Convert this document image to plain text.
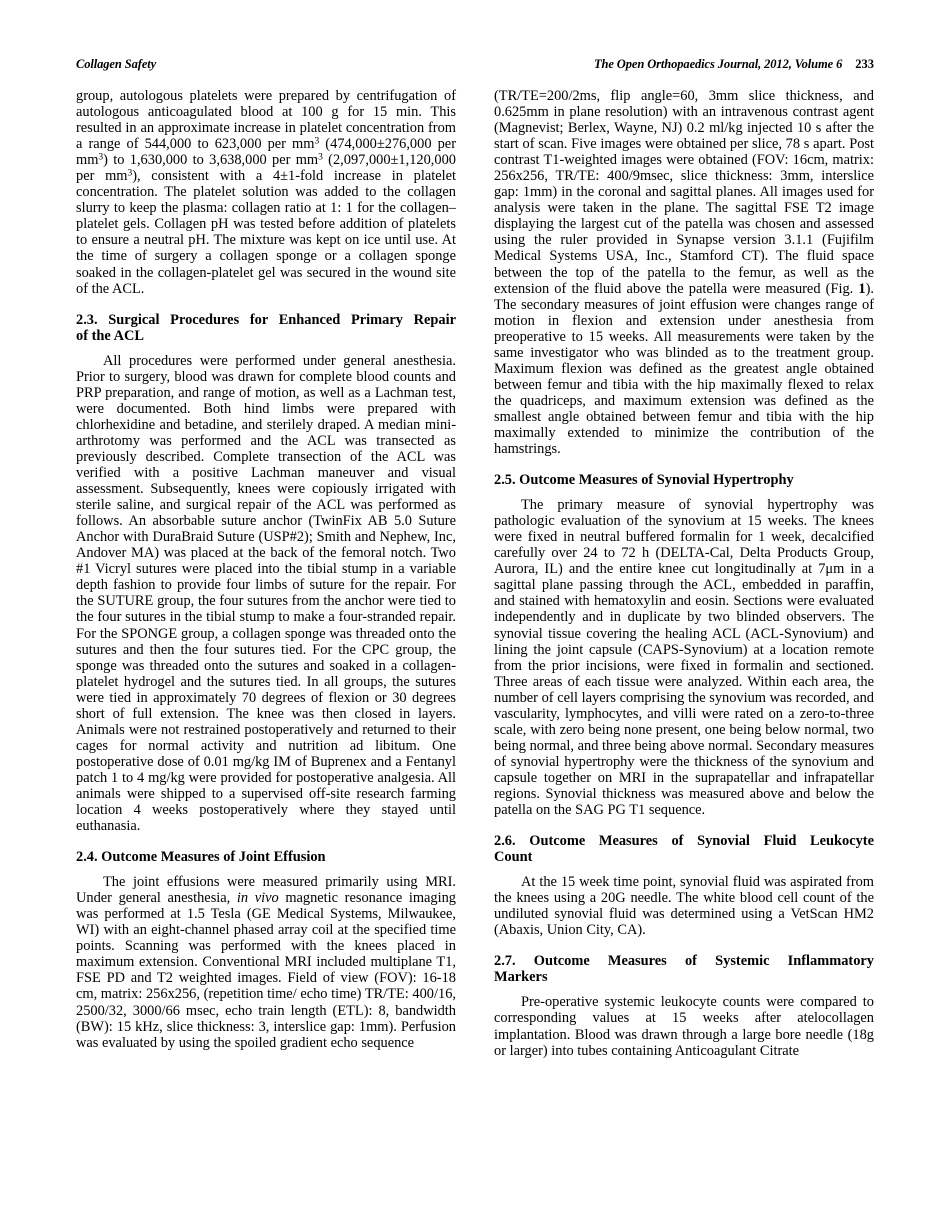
Collagen Safety	The Open Orthopaedics Journal, 2012, Volume 6 233

group, autologous platelets were prepared by centrifugation of autologous anticoagulated blood at 100 g for 15 min. This resulted in an approximate increase in platelet concentration from a range of 544,000 to 623,000 per $mm^3$ (474,000±276,000 per $mm^3$) to 1,630,000 to 3,638,000 per $mm^3$ (2,097,000±1,120,000 per $mm^3$), consistent with a 4±1-fold increase in platelet concentration. The platelet solution was added to the collagen slurry to keep the plasma: collagen ratio at 1: 1 for the collagen–platelet gels. Collagen pH was tested before addition of platelets to ensure a neutral pH. The mixture was kept on ice until use. At the time of surgery a collagen sponge or a collagen sponge soaked in the collagen-platelet gel was secured in the wound site of the ACL.

2.3. Surgical Procedures for Enhanced Primary Repair
of the ACL

All procedures were performed under general anesthesia. Prior to surgery, blood was drawn for complete blood counts and PRP preparation, and range of motion, as well as a Lachman test, were documented. Both hind limbs were prepared with chlorhexidine and betadine, and sterilely draped. A median mini-arthrotomy was performed and the ACL was transected as previously described. Complete transection of the ACL was verified with a positive Lachman maneuver and visual assessment. Subsequently, knees were copiously irrigated with sterile saline, and surgical repair of the ACL was performed as follows. An absorbable suture anchor (TwinFix AB 5.0 Suture Anchor with DuraBraid Suture (USP#2); Smith and Nephew, Inc, Andover MA) was placed at the back of the femoral notch. Two #1 Vicryl sutures were placed into the tibial stump in a variable depth fashion to provide four limbs of suture for the repair. For the SUTURE group, the four sutures from the anchor were tied to the four sutures in the tibial stump to make a four-stranded repair. For the SPONGE group, a collagen sponge was threaded onto the sutures and then the four sutures tied. For the CPC group, the sponge was threaded onto the sutures and soaked in a collagen-platelet hydrogel and the sutures tied. In all groups, the sutures were tied in approximately 70 degrees of flexion or 30 degrees short of full extension. The knee was then closed in layers. Animals were not restrained postoperatively and returned to their cages for normal activity and nutrition ad libitum. One postoperative dose of 0.01 mg/kg IM of Buprenex and a Fentanyl patch 1 to 4 mg/kg were provided for postoperative analgesia. All animals were shipped to a supervised off-site research farming location 4 weeks postoperatively where they stayed until euthanasia.

2.4. Outcome Measures of Joint Effusion

The joint effusions were measured primarily using MRI. Under general anesthesia, in vivo magnetic resonance imaging was performed at 1.5 Tesla (GE Medical Systems, Milwaukee, WI) with an eight-channel phased array coil at the specified time points. Scanning was performed with the knees placed in maximum extension. Conventional MRI included multiplane T1, FSE PD and T2 weighted images. Field of view (FOV): 16-18 cm, matrix: 256x256, (repetition time/ echo time) TR/TE: 400/16, 2500/32, 3000/66 msec, echo train length (ETL): 8, bandwidth (BW): 15 kHz, slice thickness: 3, interslice gap: 1mm). Perfusion was evaluated by using the spoiled gradient echo sequence

(TR/TE=200/2ms, flip angle=60, 3mm slice thickness, and 0.625mm in plane resolution) with an intravenous contrast agent (Magnevist; Berlex, Wayne, NJ) 0.2 ml/kg injected 10 s after the start of scan. Five images were obtained per slice, 78 s apart. Post contrast T1-weighted images were obtained (FOV: 16cm, matrix: 256x256, TR/TE: 400/9msec, slice thickness: 3mm, interslice gap: 1mm) in the coronal and sagittal planes. All images used for analysis were taken in the plane. The sagittal FSE T2 image displaying the largest cut of the patella was chosen and assessed using the ruler provided in Synapse version 3.1.1 (Fujifilm Medical Systems USA, Inc., Stamford CT). The fluid space between the top of the patella to the femur, as well as the extension of the fluid above the patella were measured (Fig. 1). The secondary measures of joint effusion were changes range of motion in flexion and extension under anesthesia from preoperative to 15 weeks. All measurements were taken by the same investigator who was blinded as to the treatment group. Maximum flexion was defined as the greatest angle obtained between femur and tibia with the hip maximally flexed to relax the quadriceps, and maximum extension was defined as the smallest angle obtained between femur and tibia with the hip maximally extended to minimize the contribution of the hamstrings.

2.5. Outcome Measures of Synovial Hypertrophy

The primary measure of synovial hypertrophy was pathologic evaluation of the synovium at 15 weeks. The knees were fixed in neutral buffered formalin for 1 week, decalcified carefully over 24 to 72 h (DELTA-Cal, Delta Products Group, Aurora, IL) and the entire knee cut longitudinally at 7μm in a sagittal plane passing through the ACL, embedded in paraffin, and stained with hematoxylin and eosin. Sections were evaluated independently and in duplicate by two blinded observers. The synovial tissue covering the healing ACL (ACL-Synovium) and lining the joint capsule (CAPS-Synovium) at a location remote from the prior incisions, were fixed in formalin and sectioned. Three areas of each tissue were analyzed. Within each area, the number of cell layers comprising the synovium was recorded, and vascularity, lymphocytes, and villi were rated on a zero-to-three scale, with zero being none present, one being below normal, two being normal, and three being above normal. Secondary measures of synovial hypertrophy were the thickness of the synovium and capsule together on MRI in the suprapatellar and infrapatellar regions. Synovial thickness was measured above and below the patella on the SAG PG T1 sequence.

2.6. Outcome Measures of Synovial Fluid Leukocyte
Count

At the 15 week time point, synovial fluid was aspirated from the knees using a 20G needle. The white blood cell count of the undiluted synovial fluid was determined using a VetScan HM2 (Abaxis, Union City, CA).

2.7. Outcome Measures of Systemic Inflammatory
Markers

Pre-operative systemic leukocyte counts were compared to corresponding values at 15 weeks after atelocollagen implantation. Blood was drawn through a large bore needle (18g or larger) into tubes containing Anticoagulant Citrate
